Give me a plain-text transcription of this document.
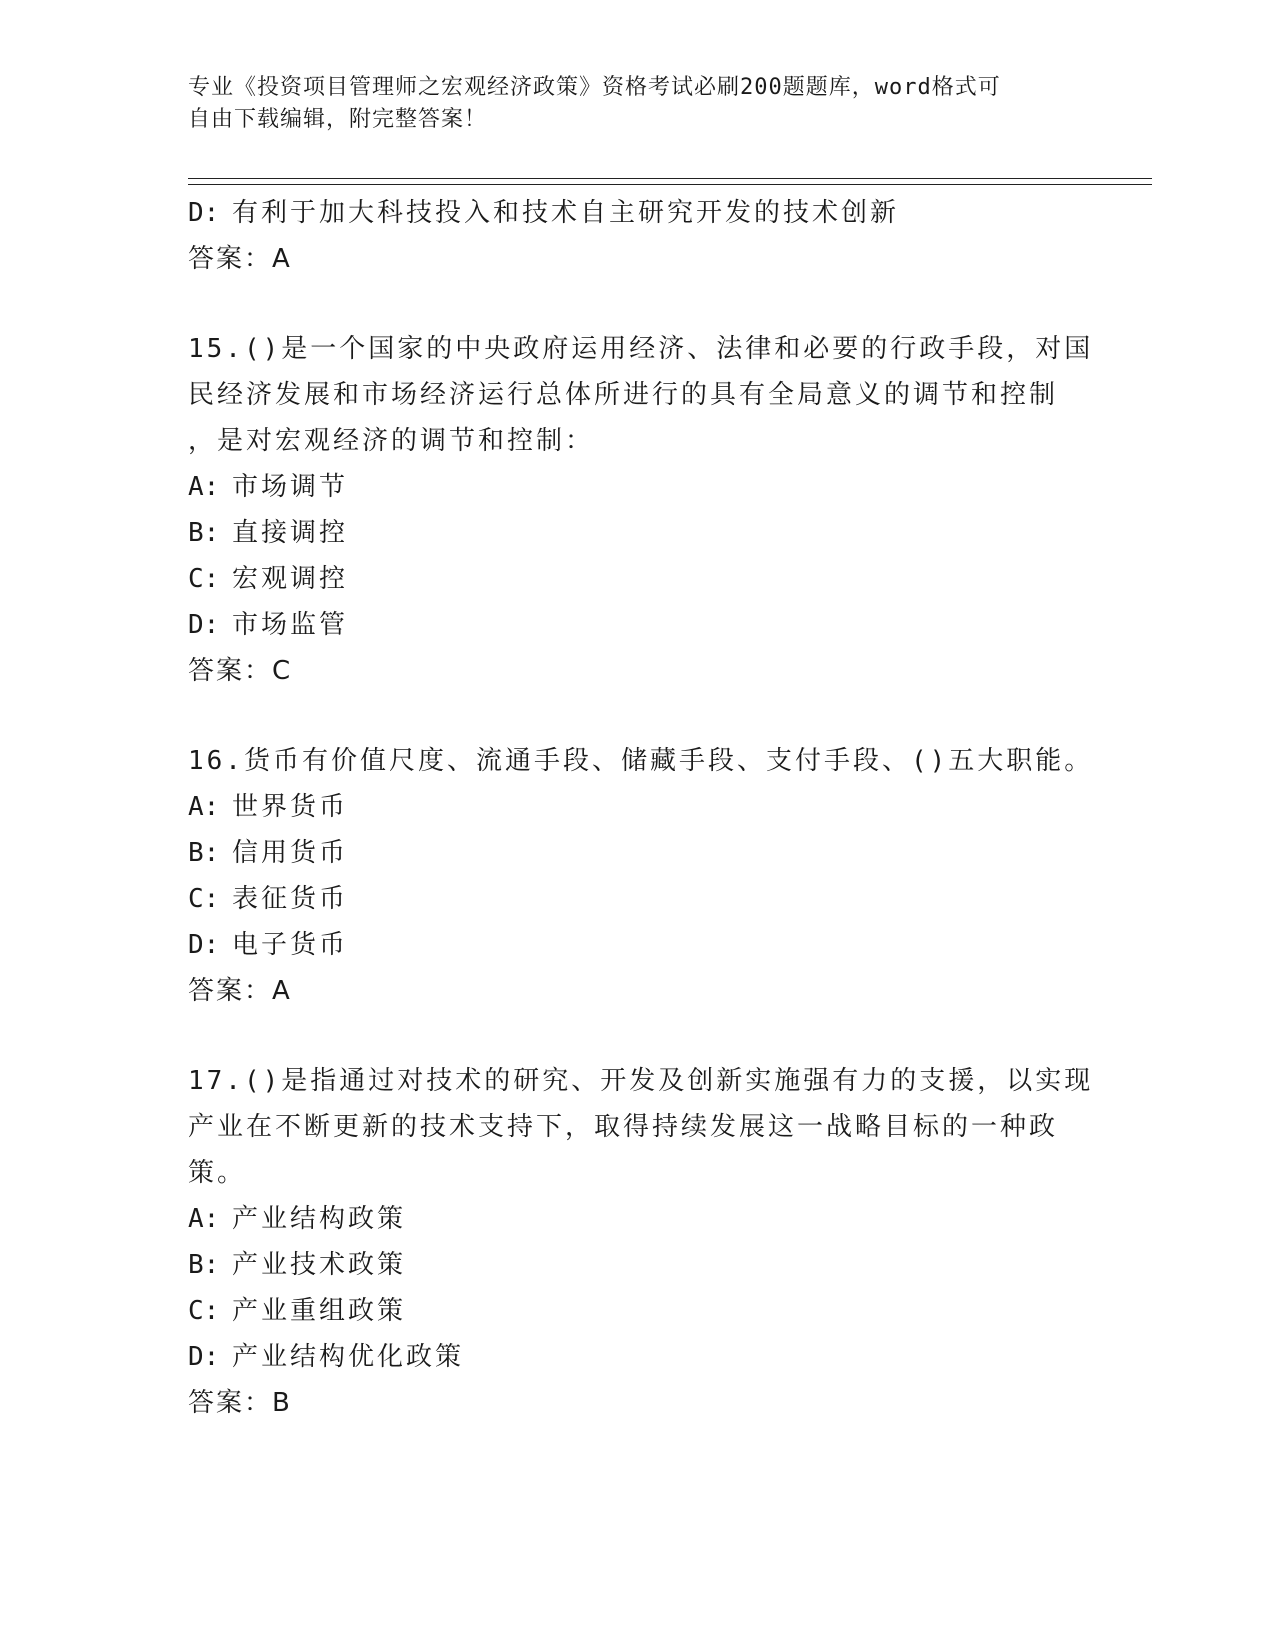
专业《投资项目管理师之宏观经济政策》资格考试必刷200题题库，word格式可
自由下载编辑，附完整答案！
D: 有利于加大科技投入和技术自主研究开发的技术创新
答案：A
15.()是一个国家的中央政府运用经济、法律和必要的行政手段，对国
民经济发展和市场经济运行总体所进行的具有全局意义的调节和控制
，是对宏观经济的调节和控制：
A: 市场调节
B: 直接调控
C: 宏观调控
D: 市场监管
答案：C
16.货币有价值尺度、流通手段、储藏手段、支付手段、()五大职能。
A: 世界货币
B: 信用货币
C: 表征货币
D: 电子货币
答案：A
17.()是指通过对技术的研究、开发及创新实施强有力的支援，以实现
产业在不断更新的技术支持下，取得持续发展这一战略目标的一种政
策。
A: 产业结构政策
B: 产业技术政策
C: 产业重组政策
D: 产业结构优化政策
答案：B
